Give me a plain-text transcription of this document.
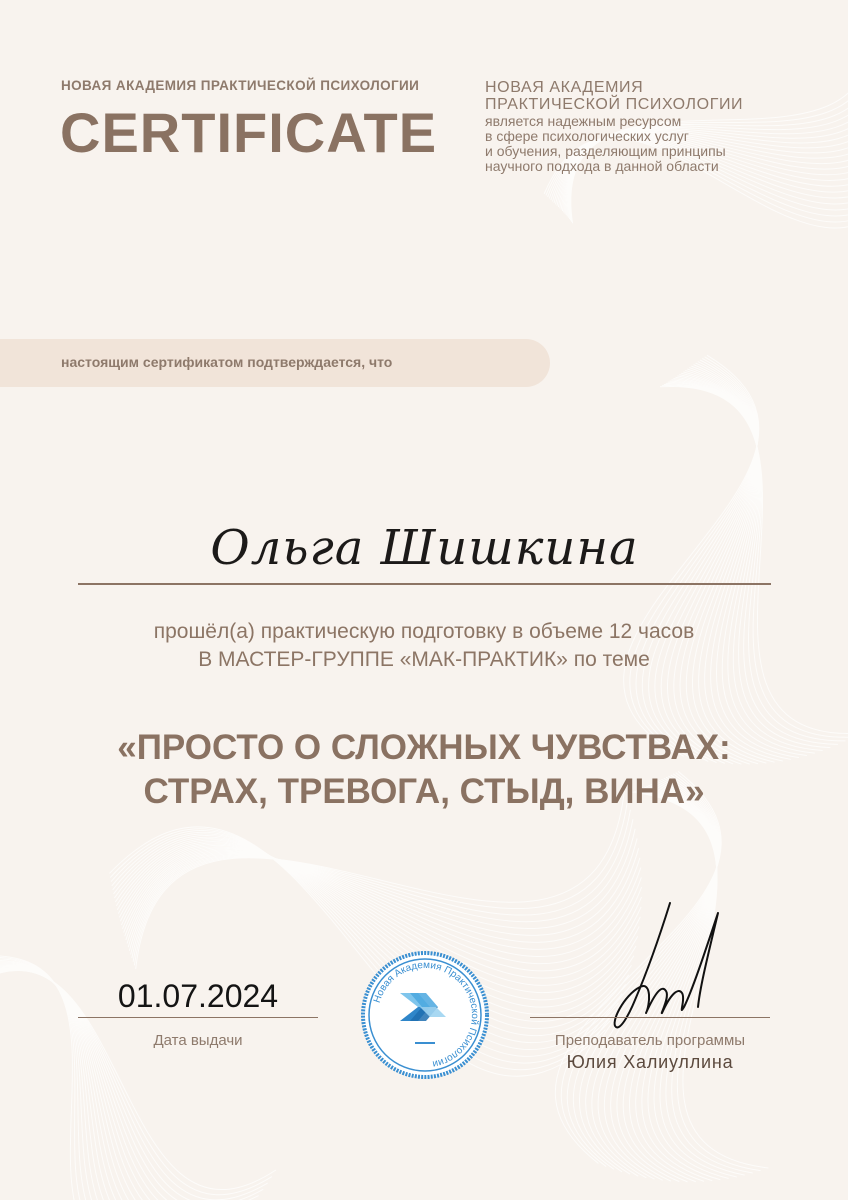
НОВАЯ АКАДЕМИЯ ПРАКТИЧЕСКОЙ ПСИХОЛОГИИ
CERTIFICATE
НОВАЯ АКАДЕМИЯ
ПРАКТИЧЕСКОЙ ПСИХОЛОГИИ
является надежным ресурсом
в сфере психологических услуг
и обучения, разделяющим принципы
научного подхода в данной области
настоящим сертификатом подтверждается, что
Ольга Шишкина
прошёл(а) практическую подготовку в объеме 12 часов
В МАСТЕР-ГРУППЕ «МАК-ПРАКТИК» по теме
«ПРОСТО О СЛОЖНЫХ ЧУВСТВАХ:
СТРАХ, ТРЕВОГА, СТЫД, ВИНА»
01.07.2024
Дата выдачи
Новая Академия Практической Психологии
Преподаватель программы
Юлия Халиуллина
